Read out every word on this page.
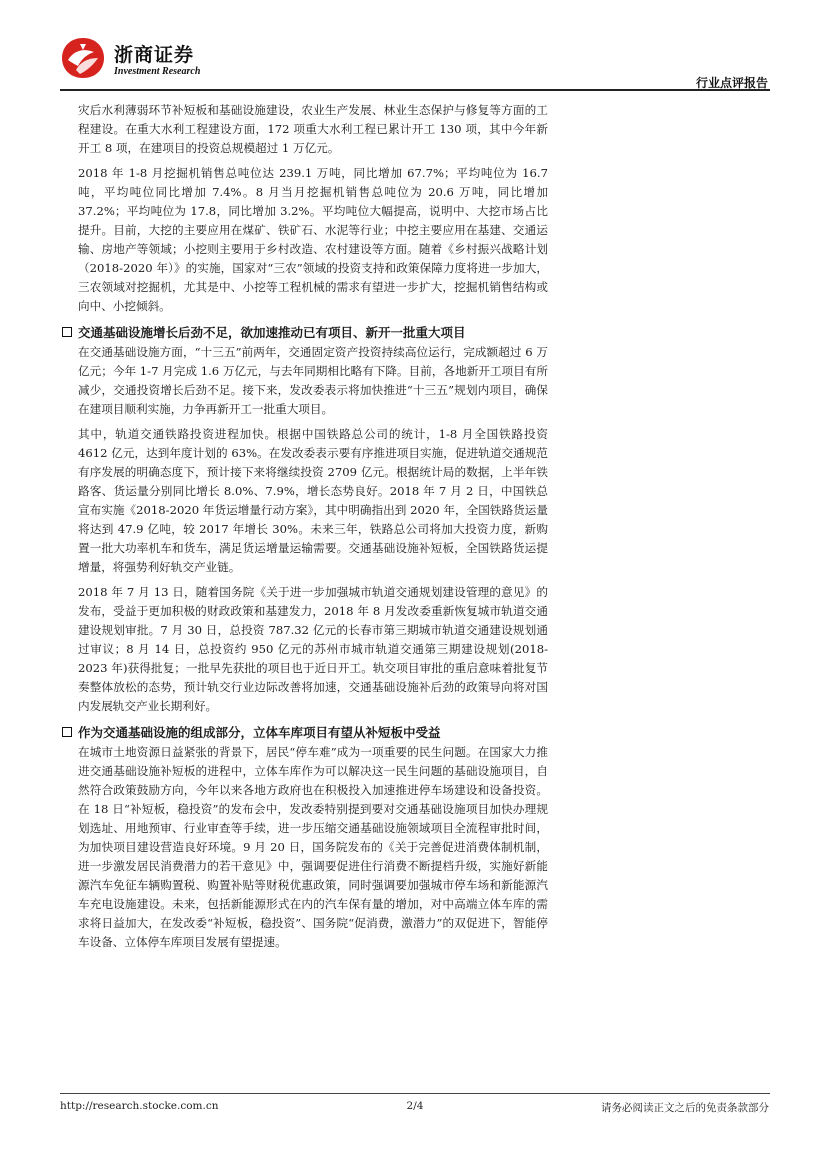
浙商证券
Investment Research
行业点评报告

灾后水利薄弱环节补短板和基础设施建设，农业生产发展、林业生态保护与修复等方面的工程建设。在重大水利工程建设方面，172 项重大水利工程已累计开工 130 项，其中今年新开工 8 项，在建项目的投资总规模超过 1 万亿元。

2018 年 1-8 月挖掘机销售总吨位达 239.1 万吨，同比增加 67.7%；平均吨位为 16.7 吨，平均吨位同比增加 7.4%。8 月当月挖掘机销售总吨位为 20.6 万吨，同比增加 37.2%；平均吨位为 17.8，同比增加 3.2%。平均吨位大幅提高，说明中、大挖市场占比提升。目前，大挖的主要应用在煤矿、铁矿石、水泥等行业；中挖主要应用在基建、交通运输、房地产等领域；小挖则主要用于乡村改造、农村建设等方面。随着《乡村振兴战略计划（2018-2020 年）》的实施，国家对“三农”领域的投资支持和政策保障力度将进一步加大，三农领域对挖掘机，尤其是中、小挖等工程机械的需求有望进一步扩大，挖掘机销售结构或向中、小挖倾斜。

交通基础设施增长后劲不足，欲加速推动已有项目、新开一批重大项目

在交通基础设施方面，“十三五”前两年，交通固定资产投资持续高位运行，完成额超过 6 万亿元；今年 1-7 月完成 1.6 万亿元，与去年同期相比略有下降。目前，各地新开工项目有所减少，交通投资增长后劲不足。接下来，发改委表示将加快推进“十三五”规划内项目，确保在建项目顺利实施，力争再新开工一批重大项目。

其中，轨道交通铁路投资进程加快。根据中国铁路总公司的统计，1-8 月全国铁路投资 4612 亿元，达到年度计划的 63%。在发改委表示要有序推进项目实施，促进轨道交通规范有序发展的明确态度下，预计接下来将继续投资 2709 亿元。根据统计局的数据，上半年铁路客、货运量分别同比增长 8.0%、7.9%，增长态势良好。2018 年 7 月 2 日，中国铁总宣布实施《2018-2020 年货运增量行动方案》，其中明确指出到 2020 年，全国铁路货运量将达到 47.9 亿吨，较 2017 年增长 30%。未来三年，铁路总公司将加大投资力度，新购置一批大功率机车和货车，满足货运增量运输需要。交通基础设施补短板，全国铁路货运提增量，将强势利好轨交产业链。

2018 年 7 月 13 日，随着国务院《关于进一步加强城市轨道交通规划建设管理的意见》的发布，受益于更加积极的财政政策和基建发力，2018 年 8 月发改委重新恢复城市轨道交通建设规划审批。7 月 30 日，总投资 787.32 亿元的长春市第三期城市轨道交通建设规划通过审议；8 月 14 日，总投资约 950 亿元的苏州市城市轨道交通第三期建设规划(2018-2023 年)获得批复；一批早先获批的项目也于近日开工。轨交项目审批的重启意味着批复节奏整体放松的态势，预计轨交行业边际改善将加速，交通基础设施补后劲的政策导向将对国内发展轨交产业长期利好。

作为交通基础设施的组成部分，立体车库项目有望从补短板中受益

在城市土地资源日益紧张的背景下，居民“停车难”成为一项重要的民生问题。在国家大力推进交通基础设施补短板的进程中，立体车库作为可以解决这一民生问题的基础设施项目，自然符合政策鼓励方向，今年以来各地方政府也在积极投入加速推进停车场建设和设备投资。在 18 日“补短板，稳投资”的发布会中，发改委特别提到要对交通基础设施项目加快办理规划选址、用地预审、行业审查等手续，进一步压缩交通基础设施领域项目全流程审批时间，为加快项目建设营造良好环境。9 月 20 日，国务院发布的《关于完善促进消费体制机制，进一步激发居民消费潜力的若干意见》中，强调要促进住行消费不断提档升级，实施好新能源汽车免征车辆购置税、购置补贴等财税优惠政策，同时强调要加强城市停车场和新能源汽车充电设施建设。未来，包括新能源形式在内的汽车保有量的增加，对中高端立体车库的需求将日益加大，在发改委“补短板，稳投资”、国务院“促消费，激潜力”的双促进下，智能停车设备、立体停车库项目发展有望提速。

http://research.stocke.com.cn	2/4	请务必阅读正文之后的免责条款部分
